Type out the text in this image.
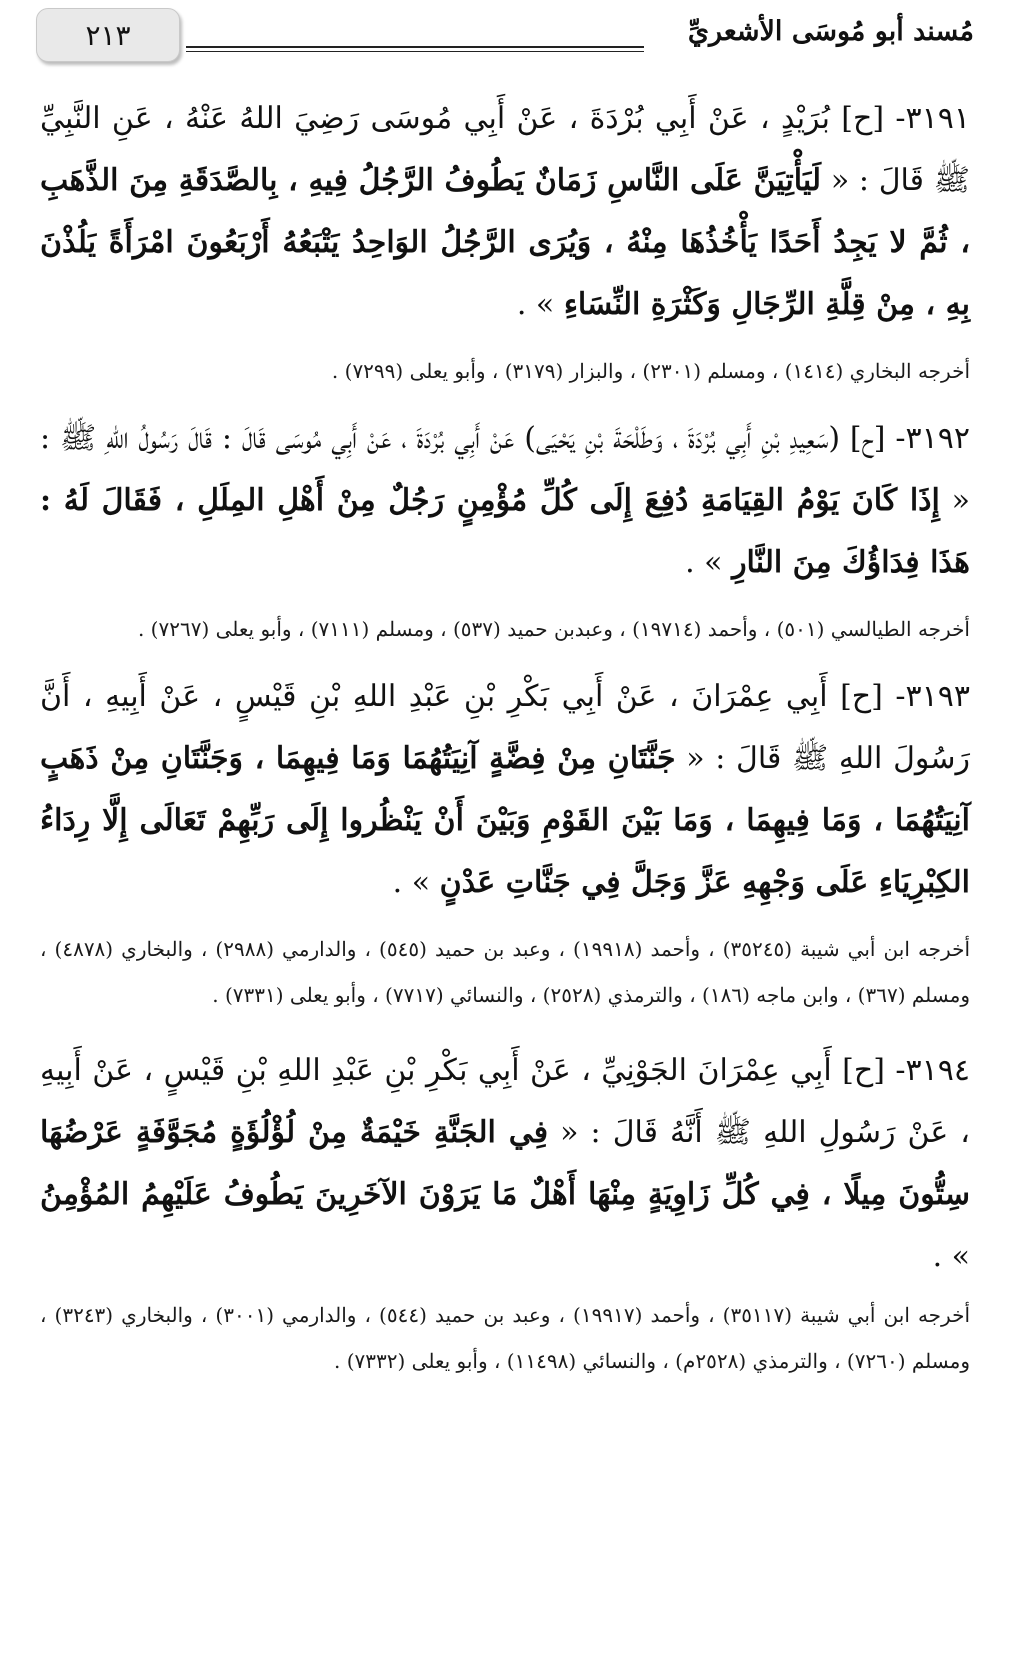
مُسند أبو مُوسَى الأشعريِّ
٢١٣

٣١٩١- [ح] بُرَيْدٍ ، عَنْ أَبِي بُرْدَةَ ، عَنْ أَبِي مُوسَى رَضِيَ اللهُ عَنْهُ ، عَنِ النَّبِيِّ ﷺ قَالَ : « لَيَأْتِيَنَّ عَلَى النَّاسِ زَمَانٌ يَطُوفُ الرَّجُلُ فِيهِ ، بِالصَّدَقَةِ مِنَ الذَّهَبِ ، ثُمَّ لا يَجِدُ أَحَدًا يَأْخُذُهَا مِنْهُ ، وَيُرَى الرَّجُلُ الوَاحِدُ يَتْبَعُهُ أَرْبَعُونَ امْرَأَةً يَلُذْنَ بِهِ ، مِنْ قِلَّةِ الرِّجَالِ وَكَثْرَةِ النِّسَاءِ » .

أخرجه البخاري (١٤١٤) ، ومسلم (٢٣٠١) ، والبزار (٣١٧٩) ، وأبو يعلى (٧٢٩٩) .

٣١٩٢- [ح] (سَعِيدِ بْنِ أَبِي بُرْدَةَ ، وَطَلْحَةَ بْنِ يَحْيَى) عَنْ أَبِي بُرْدَةَ ، عَنْ أَبِي مُوسَى قَالَ : قَالَ رَسُولُ اللهِ ﷺ : « إِذَا كَانَ يَوْمُ القِيَامَةِ دُفِعَ إِلَى كُلِّ مُؤْمِنٍ رَجُلٌ مِنْ أَهْلِ المِلَلِ ، فَقَالَ لَهُ : هَذَا فِدَاؤُكَ مِنَ النَّارِ » .

أخرجه الطيالسي (٥٠١) ، وأحمد (١٩٧١٤) ، وعبدبن حميد (٥٣٧) ، ومسلم (٧١١١) ، وأبو يعلى (٧٢٦٧) .

٣١٩٣- [ح] أَبِي عِمْرَانَ ، عَنْ أَبِي بَكْرِ بْنِ عَبْدِ اللهِ بْنِ قَيْسٍ ، عَنْ أَبِيهِ ، أَنَّ رَسُولَ اللهِ ﷺ قَالَ : « جَنَّتَانِ مِنْ فِضَّةٍ آنِيَتُهُمَا وَمَا فِيهِمَا ، وَجَنَّتَانِ مِنْ ذَهَبٍ آنِيَتُهُمَا ، وَمَا فِيهِمَا ، وَمَا بَيْنَ القَوْمِ وَبَيْنَ أَنْ يَنْظُروا إِلَى رَبِّهِمْ تَعَالَى إِلَّا رِدَاءُ الكِبْرِيَاءِ عَلَى وَجْهِهِ عَزَّ وَجَلَّ فِي جَنَّاتِ عَدْنٍ » .

أخرجه ابن أبي شيبة (٣٥٢٤٥) ، وأحمد (١٩٩١٨) ، وعبد بن حميد (٥٤٥) ، والدارمي (٢٩٨٨) ، والبخاري (٤٨٧٨) ، ومسلم (٣٦٧) ، وابن ماجه (١٨٦) ، والترمذي (٢٥٢٨) ، والنسائي (٧٧١٧) ، وأبو يعلى (٧٣٣١) .

٣١٩٤- [ح] أَبِي عِمْرَانَ الجَوْنِيِّ ، عَنْ أَبِي بَكْرِ بْنِ عَبْدِ اللهِ بْنِ قَيْسٍ ، عَنْ أَبِيهِ ، عَنْ رَسُولِ اللهِ ﷺ أَنَّهُ قَالَ : « فِي الجَنَّةِ خَيْمَةٌ مِنْ لُؤْلُؤَةٍ مُجَوَّفَةٍ عَرْضُهَا سِتُّونَ مِيلًا ، فِي كُلِّ زَاوِيَةٍ مِنْهَا أَهْلٌ مَا يَرَوْنَ الآخَرِينَ يَطُوفُ عَلَيْهِمُ المُؤْمِنُ » .

أخرجه ابن أبي شيبة (٣٥١١٧) ، وأحمد (١٩٩١٧) ، وعبد بن حميد (٥٤٤) ، والدارمي (٣٠٠١) ، والبخاري (٣٢٤٣) ، ومسلم (٧٢٦٠) ، والترمذي (٢٥٢٨م) ، والنسائي (١١٤٩٨) ، وأبو يعلى (٧٣٣٢) .
